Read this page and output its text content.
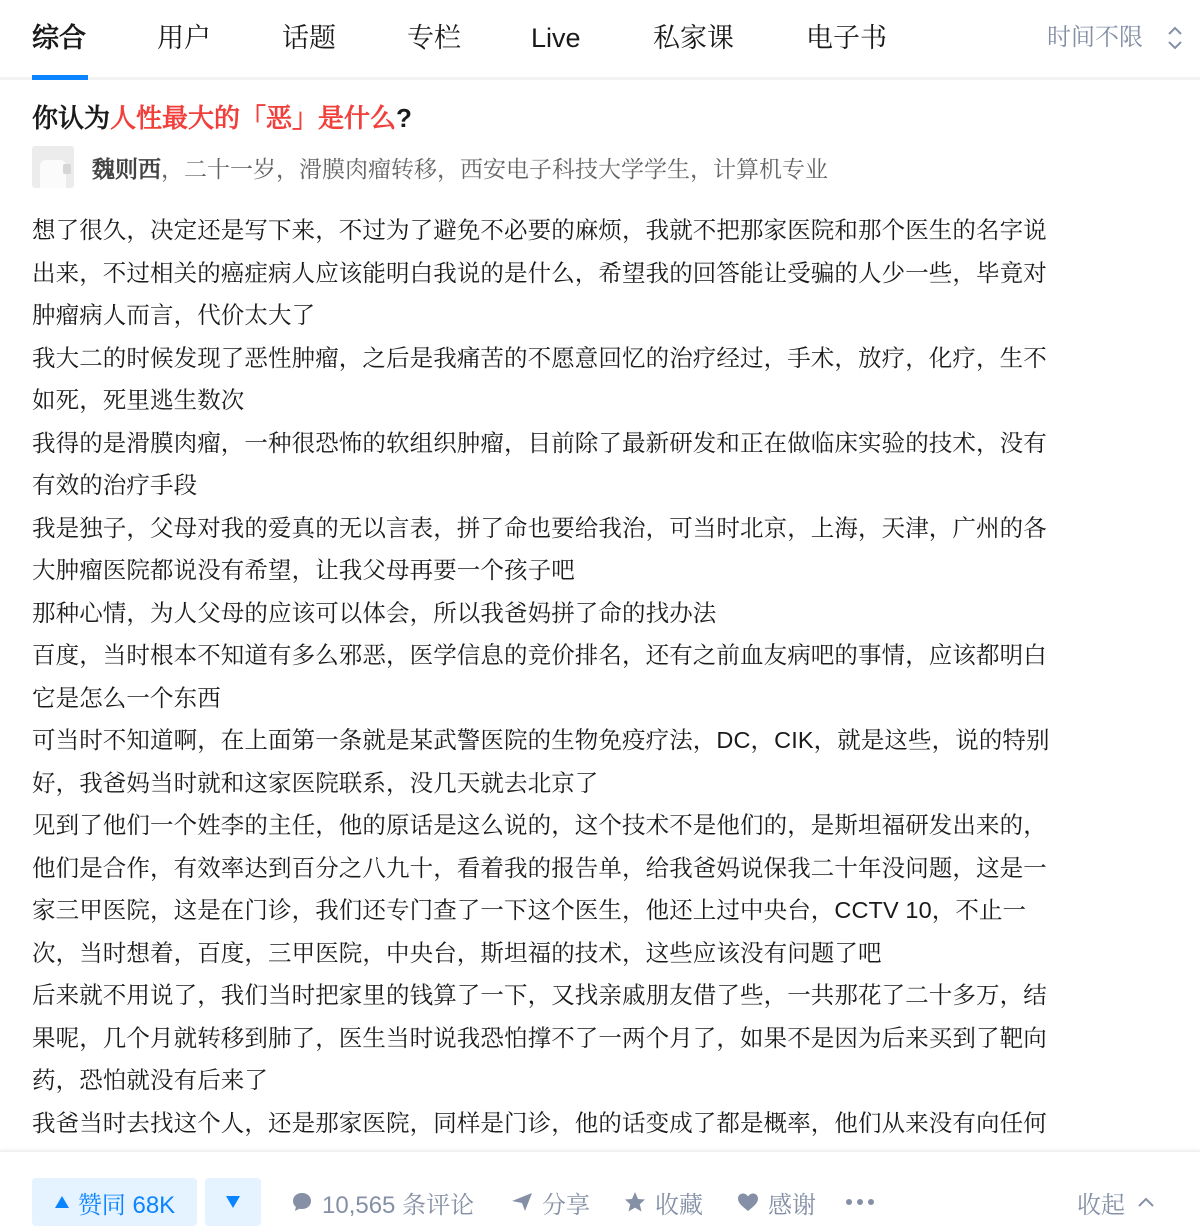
综合	用户	话题	专栏	Live	私家课	电子书	时间不限
你认为人性最大的「恶」是什么?
魏则西 ，二十一岁，滑膜肉瘤转移，西安电子科技大学学生，计算机专业

想了很久，决定还是写下来，不过为了避免不必要的麻烦，我就不把那家医院和那个医生的名字说

出来，不过相关的癌症病人应该能明白我说的是什么，希望我的回答能让受骗的人少一些，毕竟对

肿瘤病人而言，代价太大了

我大二的时候发现了恶性肿瘤，之后是我痛苦的不愿意回忆的治疗经过，手术，放疗，化疗，生不

如死，死里逃生数次

我得的是滑膜肉瘤，一种很恐怖的软组织肿瘤，目前除了最新研发和正在做临床实验的技术，没有

有效的治疗手段

我是独子，父母对我的爱真的无以言表，拼了命也要给我治，可当时北京，上海，天津，广州的各

大肿瘤医院都说没有希望，让我父母再要一个孩子吧

那种心情，为人父母的应该可以体会，所以我爸妈拼了命的找办法

百度，当时根本不知道有多么邪恶，医学信息的竞价排名，还有之前血友病吧的事情，应该都明白

它是怎么一个东西

可当时不知道啊，在上面第一条就是某武警医院的生物免疫疗法，DC，CIK，就是这些，说的特别

好，我爸妈当时就和这家医院联系，没几天就去北京了

见到了他们一个姓李的主任，他的原话是这么说的，这个技术不是他们的，是斯坦福研发出来的，

他们是合作，有效率达到百分之八九十，看着我的报告单，给我爸妈说保我二十年没问题，这是一

家三甲医院，这是在门诊，我们还专门查了一下这个医生，他还上过中央台，CCTV 10，不止一

次，当时想着，百度，三甲医院，中央台，斯坦福的技术，这些应该没有问题了吧

后来就不用说了，我们当时把家里的钱算了一下，又找亲戚朋友借了些，一共那花了二十多万，结

果呢，几个月就转移到肺了，医生当时说我恐怕撑不了一两个月了，如果不是因为后来买到了靶向

药，恐怕就没有后来了

我爸当时去找这个人，还是那家医院，同样是门诊，他的话变成了都是概率，他们从来没有向任何

赞同 68K	10,565 条评论	分享	收藏	感谢	收起
